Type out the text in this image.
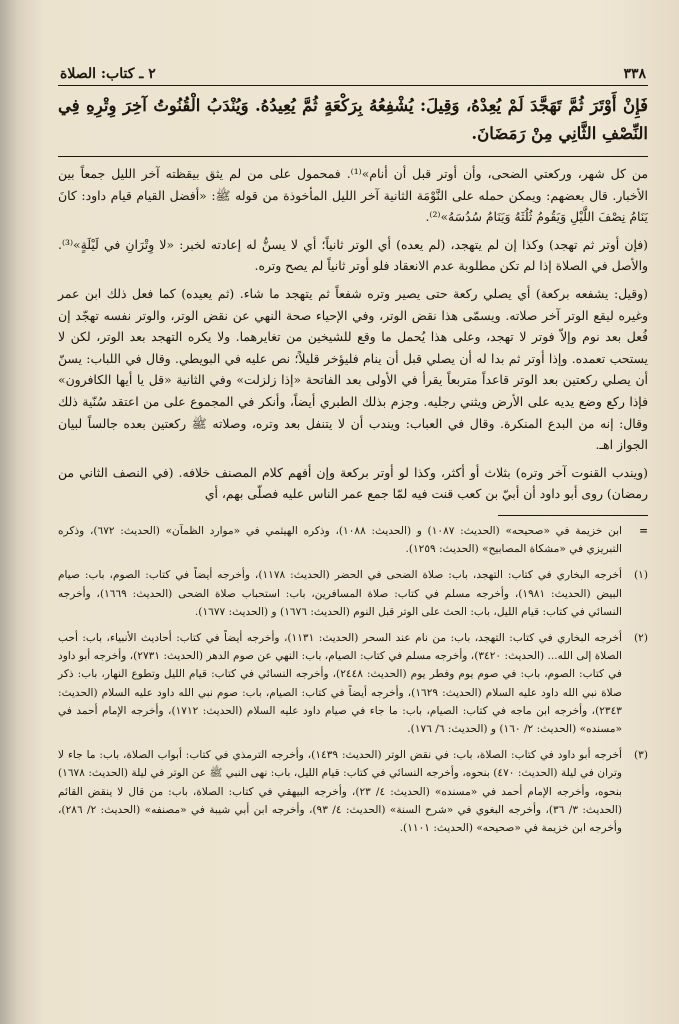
٣٣٨
٢ ـ كتاب: الصلاة
فَإِنْ أَوْتَرَ ثُمَّ تَهَجَّدَ لَمْ يُعِدْهُ، وَقِيلَ: يُشْفِعُهُ بِرَكْعَةٍ ثُمَّ يُعِيدُهُ. وَيُنْدَبُ الْقُنُوتُ آخِرَ وِتْرِهِ فِي النِّصْفِ الثَّانِي مِنْ رَمَضَانَ.

من كل شهر، وركعتي الضحى، وأن أوتر قبل أن أنام»⁽¹⁾. فمحمول على من لم يثق بيقظته آخر الليل جمعاً بين الأخبار. قال بعضهم: ويمكن حمله على النَّوْمَة الثانية آخر الليل المأخوذة من قوله ﷺ: «أفضل القيام قيام داود: كانَ يَنَامُ نِصْفَ اللَّيْلِ وَيَقُومُ ثُلُثَهُ وَيَنَامُ سُدُسَهُ»⁽²⁾.

(فإن أوتر ثم تهجد) وكذا إن لم يتهجد، (لم يعده) أي الوتر ثانياً؛ أي لا يسنُّ له إعادته لخبر: «لا وِتْرَانِ في لَيْلَةٍ»⁽³⁾. والأصل في الصلاة إذا لم تكن مطلوبة عدم الانعقاد فلو أوتر ثانياً لم يصح وتره.

(وقيل: يشفعه بركعة) أي يصلي ركعة حتى يصير وتره شفعاً ثم يتهجد ما شاء. (ثم يعيده) كما فعل ذلك ابن عمر وغيره ليقع الوتر آخر صلاته. ويسمّى هذا نقض الوتر، وفي الإحياء صحة النهي عن نقض الوتر، والوتر نفسه تهجّد إن فُعل بعد نوم وإلاّ فوتر لا تهجد، وعلى هذا يُحمل ما وقع للشيخين من تغايرهما. ولا يكره التهجد بعد الوتر، لكن لا يستحب تعمده. وإذا أوتر ثم بدا له أن يصلي قبل أن ينام فليؤخر قليلاً؛ نص عليه في البويطي. وقال في اللباب: يسنّ أن يصلي ركعتين بعد الوتر قاعداً متربعاً يقرأ في الأولى بعد الفاتحة «إذا زلزلت» وفي الثانية «قل يا أيها الكافرون» فإذا ركع وضع يديه على الأرض ويثني رجليه. وجزم بذلك الطبري أيضاً، وأنكر في المجموع على من اعتقد سُنّية ذلك وقال: إنه من البدع المنكرة. وقال في العباب: ويندب أن لا يتنفل بعد وتره، وصلاته ﷺ ركعتين بعده جالساً لبيان الجواز اهـ.

(ويندب القنوت آخر وتره) بثلاث أو أكثر، وكذا لو أوتر بركعة وإن أفهم كلام المصنف خلافه. (في النصف الثاني من رمضان) روى أبو داود أن أبيّ بن كعب قنت فيه لمّا جمع عمر الناس عليه فصلّى بهم، أي

=
ابن خزيمة في «صحيحه» (الحديث: ١٠٨٧) و (الحديث: ١٠٨٨)، وذكره الهيثمي في «موارد الظمآن» (الحديث: ٦٧٢)، وذكره التبريزي في «مشكاة المصابيح» (الحديث: ١٢٥٩).
(١)
أخرجه البخاري في كتاب: التهجد، باب: صلاة الضحى في الحضر (الحديث: ١١٧٨)، وأخرجه أيضاً في كتاب: الصوم، باب: صيام البيض (الحديث: ١٩٨١)، وأخرجه مسلم في كتاب: صلاة المسافرين، باب: استحباب صلاة الضحى (الحديث: ١٦٦٩)، وأخرجه النسائي في كتاب: قيام الليل، باب: الحث على الوتر قبل النوم (الحديث: ١٦٧٦) و (الحديث: ١٦٧٧).
(٢)
أخرجه البخاري في كتاب: التهجد، باب: من نام عند السحر (الحديث: ١١٣١)، وأخرجه أيضاً في كتاب: أحاديث الأنبياء، باب: أحب الصلاة إلى الله... (الحديث: ٣٤٢٠)، وأخرجه مسلم في كتاب: الصيام، باب: النهي عن صوم الدهر (الحديث: ٢٧٣١)، وأخرجه أبو داود في كتاب: الصوم، باب: في صوم يوم وفطر يوم (الحديث: ٢٤٤٨)، وأخرجه النسائي في كتاب: قيام الليل وتطوع النهار، باب: ذكر صلاة نبي الله داود عليه السلام (الحديث: ١٦٢٩)، وأخرجه أيضاً في كتاب: الصيام، باب: صوم نبي الله داود عليه السلام (الحديث: ٢٣٤٣)، وأخرجه ابن ماجه في كتاب: الصيام، باب: ما جاء في صيام داود عليه السلام (الحديث: ١٧١٢)، وأخرجه الإمام أحمد في «مسنده» (الحديث: ٢/ ١٦٠) و (الحديث: ٦/ ١٧٦).
(٣)
أخرجه أبو داود في كتاب: الصلاة، باب: في نقض الوتر (الحديث: ١٤٣٩)، وأخرجه الترمذي في كتاب: أبواب الصلاة، باب: ما جاء لا وتران في ليلة (الحديث: ٤٧٠) بنحوه، وأخرجه النسائي في كتاب: قيام الليل، باب: نهى النبي ﷺ عن الوتر في ليلة (الحديث: ١٦٧٨) بنحوه، وأخرجه الإمام أحمد في «مسنده» (الحديث: ٤/ ٢٣)، وأخرجه البيهقي في كتاب: الصلاة، باب: من قال لا ينقض القائم (الحديث: ٣/ ٣٦)، وأخرجه البغوي في «شرح السنة» (الحديث: ٤/ ٩٣)، وأخرجه ابن أبي شيبة في «مصنفه» (الحديث: ٢/ ٢٨٦)، وأخرجه ابن خزيمة في «صحيحه» (الحديث: ١١٠١).
